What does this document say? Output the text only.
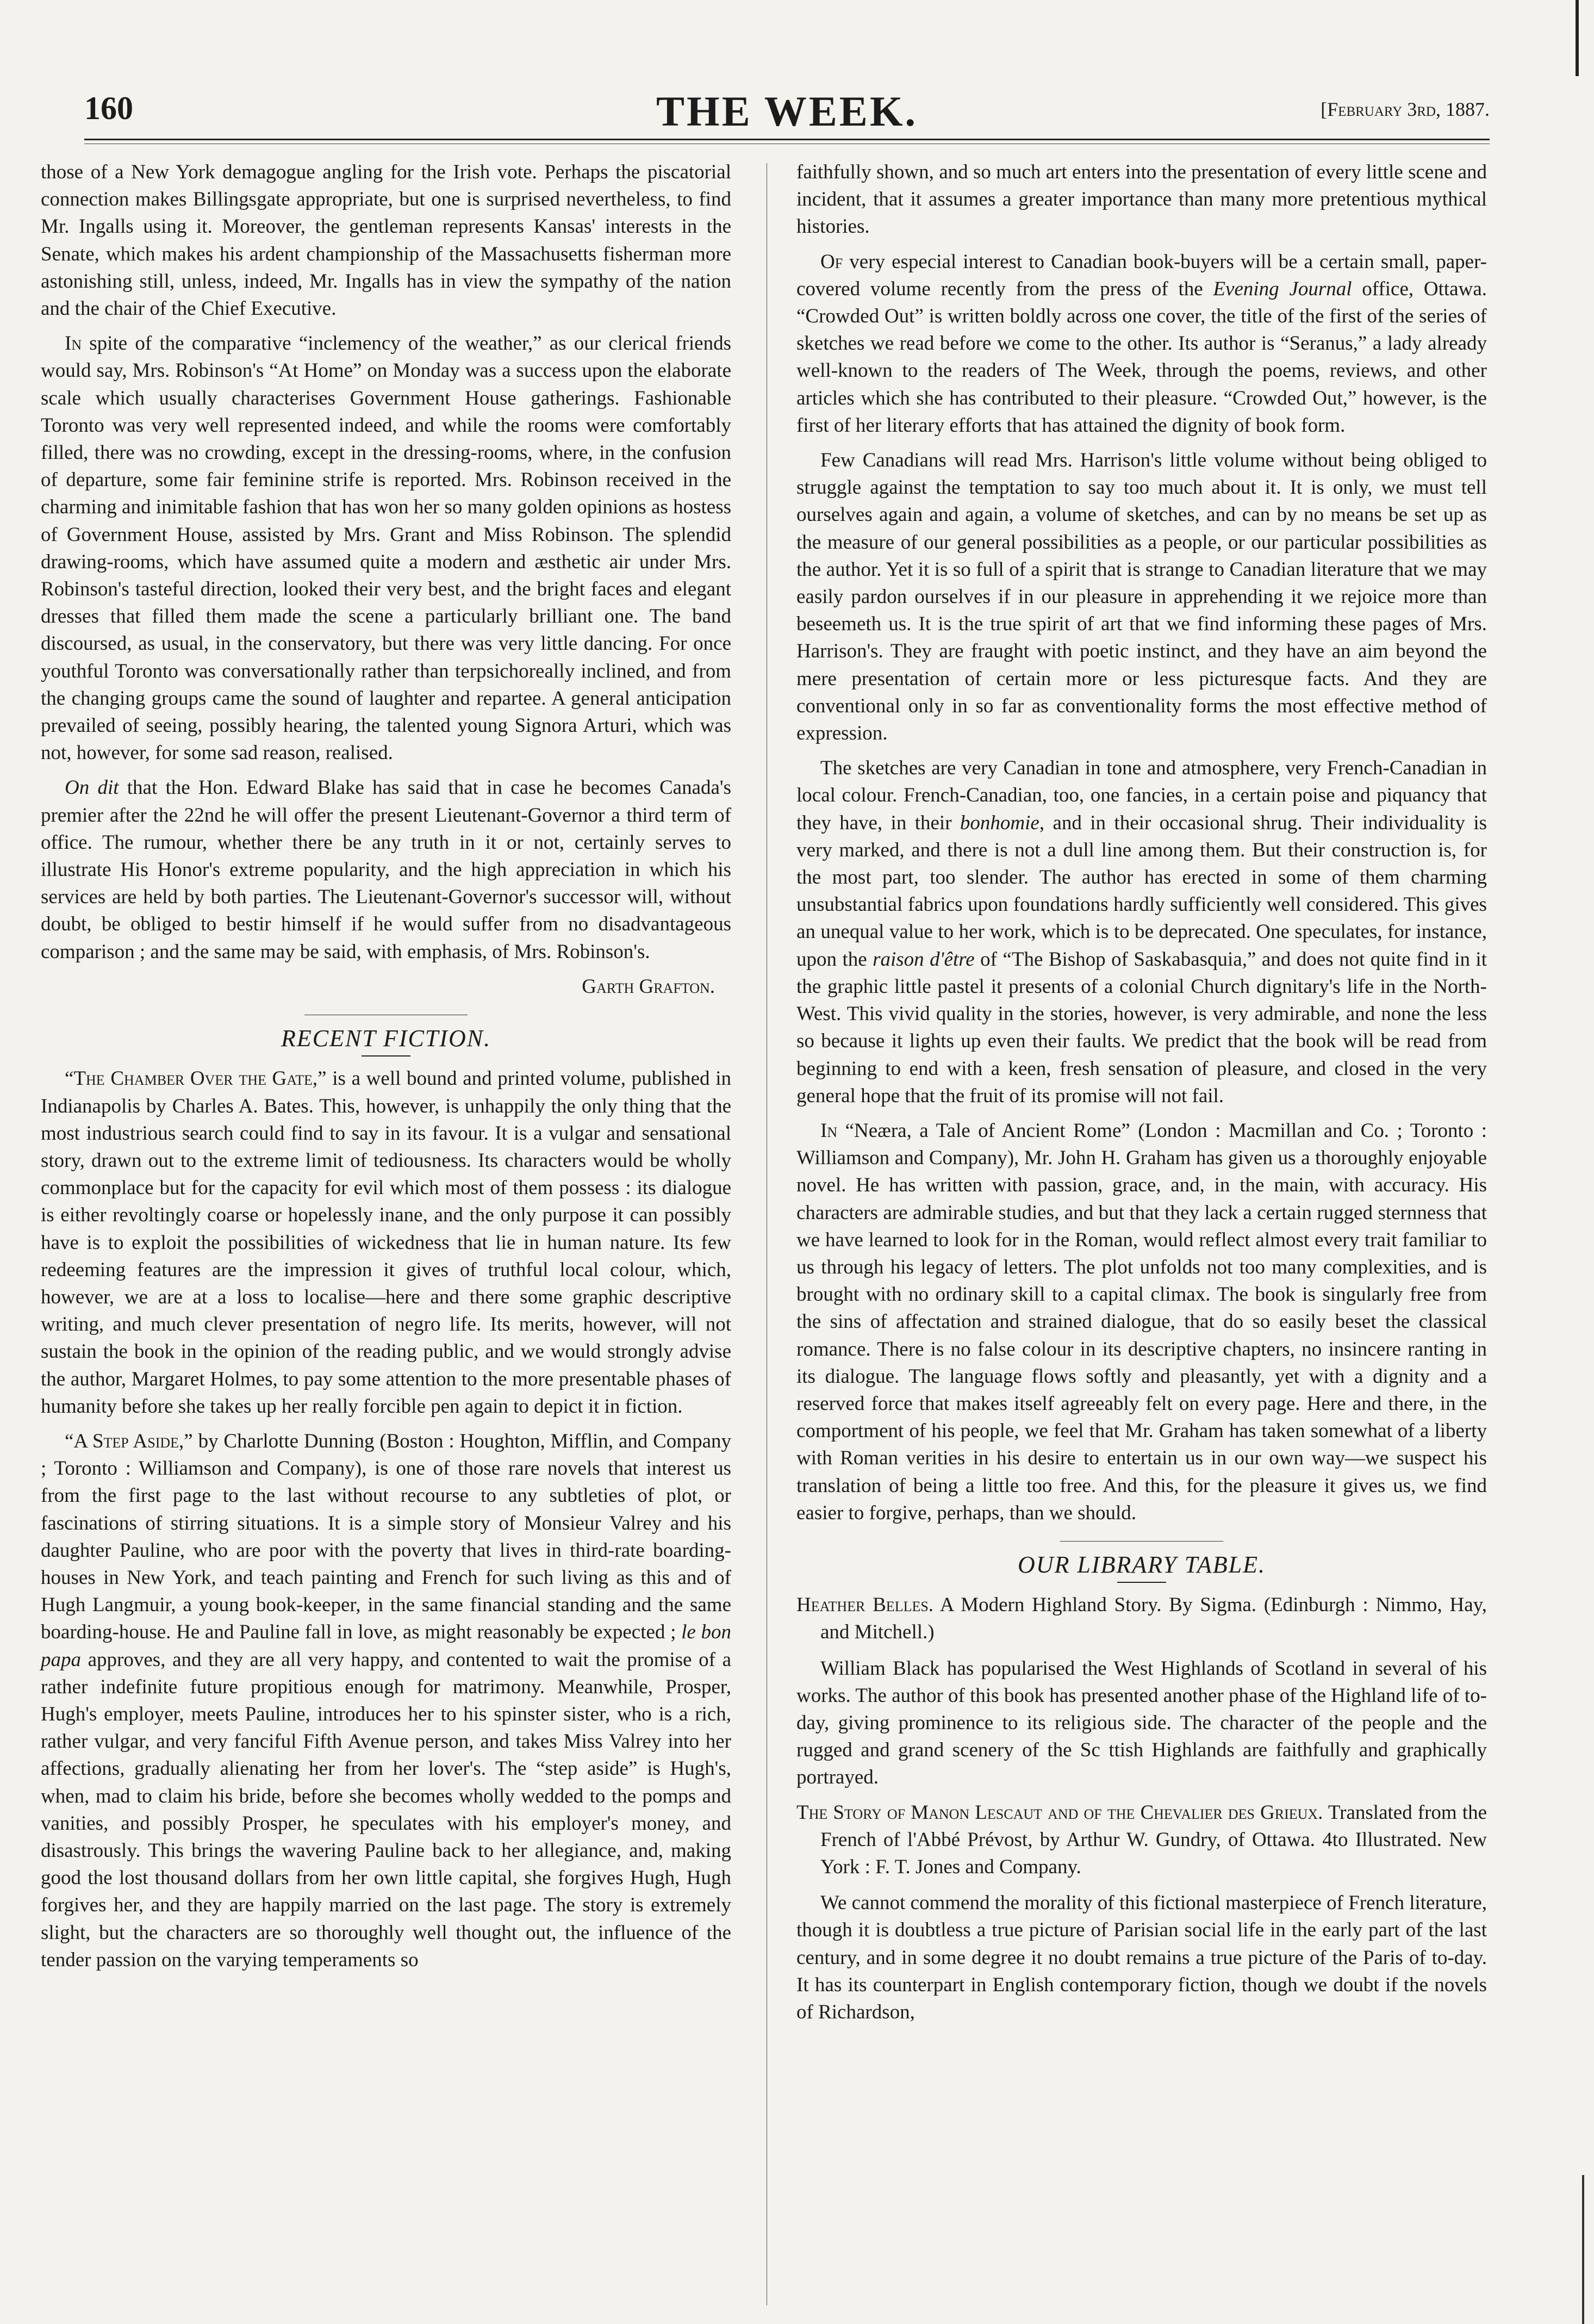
160	THE WEEK.	[February 3rd, 1887.

those of a New York demagogue angling for the Irish vote. Perhaps the piscatorial connection makes Billingsgate appropriate, but one is surprised nevertheless, to find Mr. Ingalls using it. Moreover, the gentleman represents Kansas' interests in the Senate, which makes his ardent championship of the Massachusetts fisherman more astonishing still, unless, indeed, Mr. Ingalls has in view the sympathy of the nation and the chair of the Chief Executive.

In spite of the comparative “inclemency of the weather,” as our clerical friends would say, Mrs. Robinson's “At Home” on Monday was a success upon the elaborate scale which usually characterises Government House gatherings. Fashionable Toronto was very well represented indeed, and while the rooms were comfortably filled, there was no crowding, except in the dressing-rooms, where, in the confusion of departure, some fair feminine strife is reported. Mrs. Robinson received in the charming and inimitable fashion that has won her so many golden opinions as hostess of Government House, assisted by Mrs. Grant and Miss Robinson. The splendid drawing-rooms, which have assumed quite a modern and æsthetic air under Mrs. Robinson's tasteful direction, looked their very best, and the bright faces and elegant dresses that filled them made the scene a particularly brilliant one. The band discoursed, as usual, in the conservatory, but there was very little dancing. For once youthful Toronto was conversationally rather than terpsichoreally inclined, and from the changing groups came the sound of laughter and repartee. A general anticipation prevailed of seeing, possibly hearing, the talented young Signora Arturi, which was not, however, for some sad reason, realised.

On dit that the Hon. Edward Blake has said that in case he becomes Canada's premier after the 22nd he will offer the present Lieutenant-Governor a third term of office. The rumour, whether there be any truth in it or not, certainly serves to illustrate His Honor's extreme popularity, and the high appreciation in which his services are held by both parties. The Lieutenant-Governor's successor will, without doubt, be obliged to bestir himself if he would suffer from no disadvantageous comparison ; and the same may be said, with emphasis, of Mrs. Robinson's.

Garth Grafton.
RECENT FICTION.

“The Chamber Over the Gate,” is a well bound and printed volume, published in Indianapolis by Charles A. Bates. This, however, is unhappily the only thing that the most industrious search could find to say in its favour. It is a vulgar and sensational story, drawn out to the extreme limit of tediousness. Its characters would be wholly commonplace but for the capacity for evil which most of them possess : its dialogue is either revoltingly coarse or hopelessly inane, and the only purpose it can possibly have is to exploit the possibilities of wickedness that lie in human nature. Its few redeeming features are the impression it gives of truthful local colour, which, however, we are at a loss to localise—here and there some graphic descriptive writing, and much clever presentation of negro life. Its merits, however, will not sustain the book in the opinion of the reading public, and we would strongly advise the author, Margaret Holmes, to pay some attention to the more presentable phases of humanity before she takes up her really forcible pen again to depict it in fiction.

“A Step Aside,” by Charlotte Dunning (Boston : Houghton, Mifflin, and Company ; Toronto : Williamson and Company), is one of those rare novels that interest us from the first page to the last without recourse to any subtleties of plot, or fascinations of stirring situations. It is a simple story of Monsieur Valrey and his daughter Pauline, who are poor with the poverty that lives in third-rate boarding-houses in New York, and teach painting and French for such living as this and of Hugh Langmuir, a young book-keeper, in the same financial standing and the same boarding-house. He and Pauline fall in love, as might reasonably be expected ; le bon papa approves, and they are all very happy, and contented to wait the promise of a rather indefinite future propitious enough for matrimony. Meanwhile, Prosper, Hugh's employer, meets Pauline, introduces her to his spinster sister, who is a rich, rather vulgar, and very fanciful Fifth Avenue person, and takes Miss Valrey into her affections, gradually alienating her from her lover's. The “step aside” is Hugh's, when, mad to claim his bride, before she becomes wholly wedded to the pomps and vanities, and possibly Prosper, he speculates with his employer's money, and disastrously. This brings the wavering Pauline back to her allegiance, and, making good the lost thousand dollars from her own little capital, she forgives Hugh, Hugh forgives her, and they are happily married on the last page. The story is extremely slight, but the characters are so thoroughly well thought out, the influence of the tender passion on the varying temperaments so

faithfully shown, and so much art enters into the presentation of every little scene and incident, that it assumes a greater importance than many more pretentious mythical histories.

Of very especial interest to Canadian book-buyers will be a certain small, paper-covered volume recently from the press of the Evening Journal office, Ottawa. “Crowded Out” is written boldly across one cover, the title of the first of the series of sketches we read before we come to the other. Its author is “Seranus,” a lady already well-known to the readers of The Week, through the poems, reviews, and other articles which she has contributed to their pleasure. “Crowded Out,” however, is the first of her literary efforts that has attained the dignity of book form.

Few Canadians will read Mrs. Harrison's little volume without being obliged to struggle against the temptation to say too much about it. It is only, we must tell ourselves again and again, a volume of sketches, and can by no means be set up as the measure of our general possibilities as a people, or our particular possibilities as the author. Yet it is so full of a spirit that is strange to Canadian literature that we may easily pardon ourselves if in our pleasure in apprehending it we rejoice more than beseemeth us. It is the true spirit of art that we find informing these pages of Mrs. Harrison's. They are fraught with poetic instinct, and they have an aim beyond the mere presentation of certain more or less picturesque facts. And they are conventional only in so far as conventionality forms the most effective method of expression.

The sketches are very Canadian in tone and atmosphere, very French-Canadian in local colour. French-Canadian, too, one fancies, in a certain poise and piquancy that they have, in their bonhomie, and in their occasional shrug. Their individuality is very marked, and there is not a dull line among them. But their construction is, for the most part, too slender. The author has erected in some of them charming unsubstantial fabrics upon foundations hardly sufficiently well considered. This gives an unequal value to her work, which is to be deprecated. One speculates, for instance, upon the raison d'être of “The Bishop of Saskabasquia,” and does not quite find in it the graphic little pastel it presents of a colonial Church dignitary's life in the North-West. This vivid quality in the stories, however, is very admirable, and none the less so because it lights up even their faults. We predict that the book will be read from beginning to end with a keen, fresh sensation of pleasure, and closed in the very general hope that the fruit of its promise will not fail.

In “Neæra, a Tale of Ancient Rome” (London : Macmillan and Co. ; Toronto : Williamson and Company), Mr. John H. Graham has given us a thoroughly enjoyable novel. He has written with passion, grace, and, in the main, with accuracy. His characters are admirable studies, and but that they lack a certain rugged sternness that we have learned to look for in the Roman, would reflect almost every trait familiar to us through his legacy of letters. The plot unfolds not too many complexities, and is brought with no ordinary skill to a capital climax. The book is singularly free from the sins of affectation and strained dialogue, that do so easily beset the classical romance. There is no false colour in its descriptive chapters, no insincere ranting in its dialogue. The language flows softly and pleasantly, yet with a dignity and a reserved force that makes itself agreeably felt on every page. Here and there, in the comportment of his people, we feel that Mr. Graham has taken somewhat of a liberty with Roman verities in his desire to entertain us in our own way—we suspect his translation of being a little too free. And this, for the pleasure it gives us, we find easier to forgive, perhaps, than we should.

OUR LIBRARY TABLE.

Heather Belles. A Modern Highland Story. By Sigma. (Edinburgh : Nimmo, Hay, and Mitchell.)

William Black has popularised the West Highlands of Scotland in several of his works. The author of this book has presented another phase of the Highland life of to-day, giving prominence to its religious side. The character of the people and the rugged and grand scenery of the Sc ttish Highlands are faithfully and graphically portrayed.

The Story of Manon Lescaut and of the Chevalier des Grieux. Translated from the French of l'Abbé Prévost, by Arthur W. Gundry, of Ottawa. 4to Illustrated. New York : F. T. Jones and Company.

We cannot commend the morality of this fictional masterpiece of French literature, though it is doubtless a true picture of Parisian social life in the early part of the last century, and in some degree it no doubt remains a true picture of the Paris of to-day. It has its counterpart in English contemporary fiction, though we doubt if the novels of Richardson,
